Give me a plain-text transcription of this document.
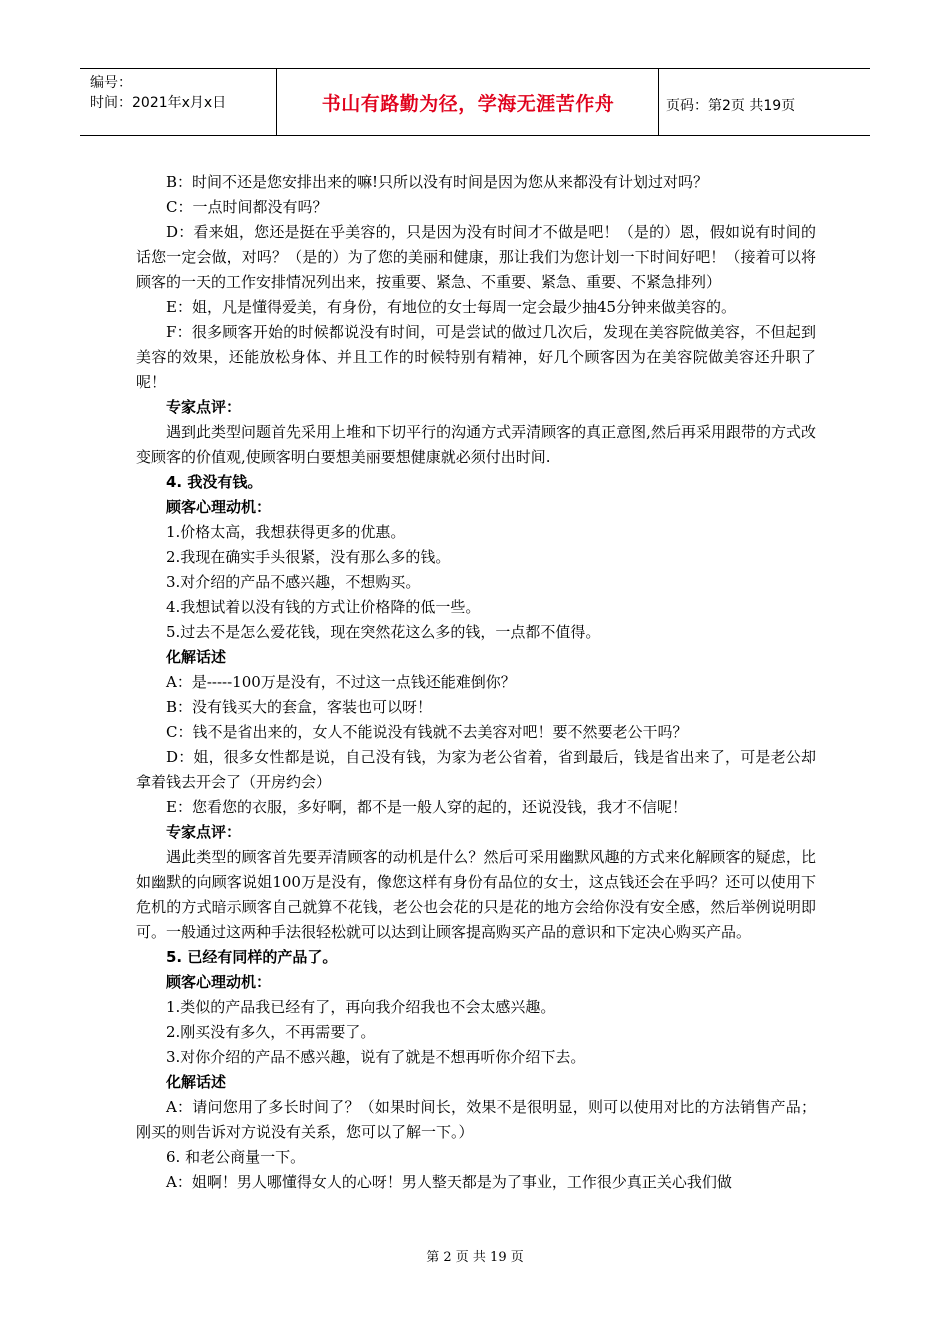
编号：
时间：2021年x月x日	书山有路勤为径，学海无涯苦作舟	页码：第2页 共19页

B：时间不还是您安排出来的嘛!只所以没有时间是因为您从来都没有计划过对吗？

C：一点时间都没有吗？

D：看来姐，您还是挺在乎美容的，只是因为没有时间才不做是吧！（是的）恩，假如说有时间的话您一定会做，对吗？（是的）为了您的美丽和健康，那让我们为您计划一下时间好吧！（接着可以将顾客的一天的工作安排情况列出来，按重要、紧急、不重要、紧急、重要、不紧急排列）

E：姐，凡是懂得爱美，有身份，有地位的女士每周一定会最少抽45分钟来做美容的。

F：很多顾客开始的时候都说没有时间，可是尝试的做过几次后，发现在美容院做美容，不但起到美容的效果，还能放松身体、并且工作的时候特别有精神，好几个顾客因为在美容院做美容还升职了呢！

专家点评：

遇到此类型问题首先采用上堆和下切平行的沟通方式弄清顾客的真正意图,然后再采用跟带的方式改变顾客的价值观,使顾客明白要想美丽要想健康就必须付出时间.

4. 我没有钱。

顾客心理动机：

1.价格太高，我想获得更多的优惠。

2.我现在确实手头很紧，没有那么多的钱。

3.对介绍的产品不感兴趣，不想购买。

4.我想试着以没有钱的方式让价格降的低一些。

5.过去不是怎么爱花钱，现在突然花这么多的钱，一点都不值得。

化解话述

A：是-----100万是没有，不过这一点钱还能难倒你？

B：没有钱买大的套盒，客装也可以呀！

C：钱不是省出来的，女人不能说没有钱就不去美容对吧！要不然要老公干吗？

D：姐，很多女性都是说，自己没有钱，为家为老公省着，省到最后，钱是省出来了，可是老公却拿着钱去开会了（开房约会）

E：您看您的衣服，多好啊，都不是一般人穿的起的，还说没钱，我才不信呢！

专家点评：

遇此类型的顾客首先要弄清顾客的动机是什么？然后可采用幽默风趣的方式来化解顾客的疑虑，比如幽默的向顾客说姐100万是没有，像您这样有身份有品位的女士，这点钱还会在乎吗？还可以使用下危机的方式暗示顾客自己就算不花钱，老公也会花的只是花的地方会给你没有安全感，然后举例说明即可。一般通过这两种手法很轻松就可以达到让顾客提高购买产品的意识和下定决心购买产品。

5. 已经有同样的产品了。

顾客心理动机：

1.类似的产品我已经有了，再向我介绍我也不会太感兴趣。

2.刚买没有多久，不再需要了。

3.对你介绍的产品不感兴趣，说有了就是不想再听你介绍下去。

化解话述

A：请问您用了多长时间了？（如果时间长，效果不是很明显，则可以使用对比的方法销售产品；刚买的则告诉对方说没有关系，您可以了解一下。）

6. 和老公商量一下。

A：姐啊！男人哪懂得女人的心呀！男人整天都是为了事业，工作很少真正关心我们做

第 2 页 共 19 页
